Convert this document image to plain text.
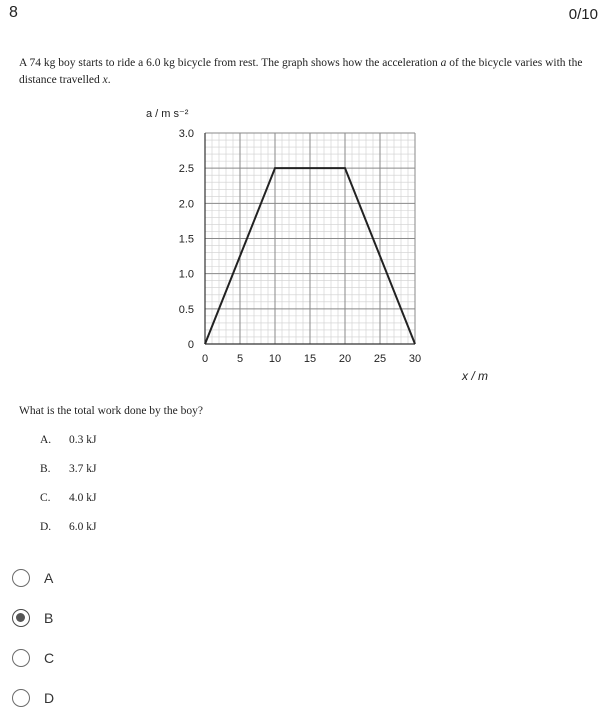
8	0/10
A 74 kg boy starts to ride a 6.0 kg bicycle from rest. The graph shows how the acceleration a of the bicycle varies with the distance travelled x.
0
0.5
1.0
1.5
2.0
2.5
3.0
0	5 10 15 20 25 30
a / m s⁻²
x / m
What is the total work done by the boy?
A. 0.3 kJ
B. 3.7 kJ
C. 4.0 kJ
D. 6.0 kJ
A
B
C
D
